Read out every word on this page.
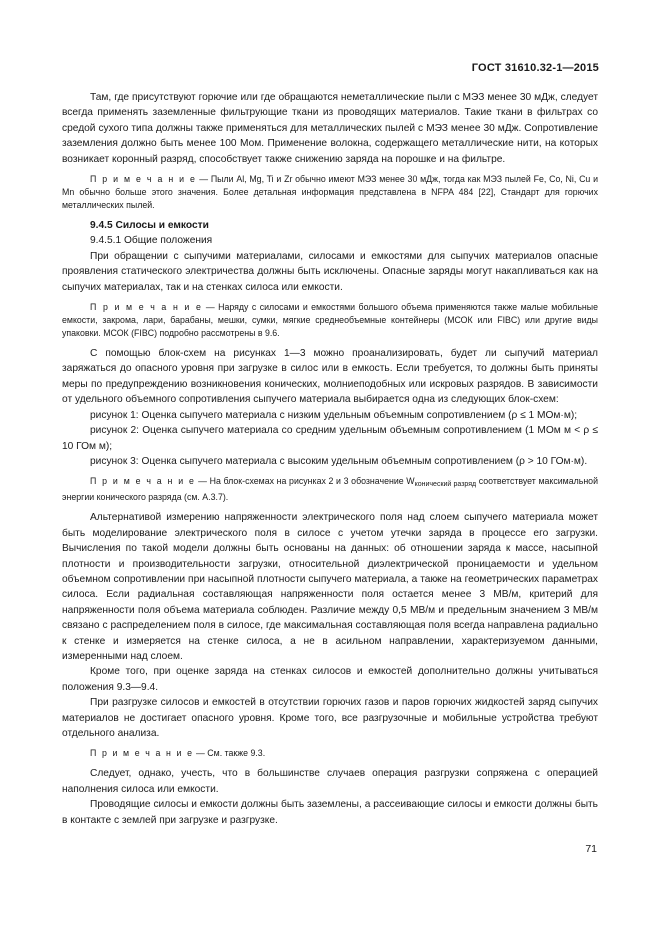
ГОСТ 31610.32-1—2015

Там, где присутствуют горючие или где обращаются неметаллические пыли с МЭЗ менее 30 мДж, следует всегда применять заземленные фильтрующие ткани из проводящих материалов. Такие ткани в фильтрах со средой сухого типа должны также применяться для металлических пылей с МЭЗ менее 30 мДж. Сопротивление заземления должно быть менее 100 Мом. Применение волокна, содержащего металлические нити, на которых возникает коронный разряд, способствует также снижению заряда на порошке и на фильтре.

П р и м е ч а н и е — Пыли Al, Mg, Ti и Zr обычно имеют МЭЗ менее 30 мДж, тогда как МЭЗ пылей Fe, Co, Ni, Cu и Mn обычно больше этого значения. Более детальная информация представлена в NFPA 484 [22], Стандарт для горючих металлических пылей.

9.4.5 Силосы и емкости

9.4.5.1 Общие положения

При обращении с сыпучими материалами, силосами и емкостями для сыпучих материалов опасные проявления статического электричества должны быть исключены. Опасные заряды могут накапливаться как на сыпучих материалах, так и на стенках силоса или емкости.

П р и м е ч а н и е — Наряду с силосами и емкостями большого объема применяются также малые мобильные емкости, закрома, лари, барабаны, мешки, сумки, мягкие среднеобъемные контейнеры (МСОК или FIBC) или другие виды упаковки. МСОК (FIBC) подробно рассмотрены в 9.6.

С помощью блок-схем на рисунках 1—3 можно проанализировать, будет ли сыпучий материал заряжаться до опасного уровня при загрузке в силос или в емкость. Если требуется, то должны быть приняты меры по предупреждению возникновения конических, молниеподобных или искровых разрядов. В зависимости от удельного объемного сопротивления сыпучего материала выбирается одна из следующих блок-схем:

рисунок 1: Оценка сыпучего материала с низким удельным объемным сопротивлением (ρ ≤ 1 МОм·м);

рисунок 2: Оценка сыпучего материала со средним удельным объемным сопротивлением (1 МОм м < ρ ≤ 10 ГОм м);

рисунок 3: Оценка сыпучего материала с высоким удельным объемным сопротивлением (ρ > 10 ГОм·м).

П р и м е ч а н и е — На блок-схемах на рисунках 2 и 3 обозначение $W_{конический разряд}$ соответствует максимальной энергии конического разряда (см. А.3.7).

Альтернативой измерению напряженности электрического поля над слоем сыпучего материала может быть моделирование электрического поля в силосе с учетом утечки заряда в процессе его загрузки. Вычисления по такой модели должны быть основаны на данных: об отношении заряда к массе, насыпной плотности и производительности загрузки, относительной диэлектрической проницаемости и удельном объемном сопротивлении при насыпной плотности сыпучего материала, а также на геометрических параметрах силоса. Если радиальная составляющая напряженности поля остается менее 3 МВ/м, критерий для напряженности поля объема материала соблюден. Различие между 0,5 МВ/м и предельным значением 3 МВ/м связано с распределением поля в силосе, где максимальная составляющая поля всегда направлена радиально к стенке и измеряется на стенке силоса, а не в асильном направлении, характеризуемом данными, измеренными над слоем.

Кроме того, при оценке заряда на стенках силосов и емкостей дополнительно должны учитываться положения 9.3—9.4.

При разгрузке силосов и емкостей в отсутствии горючих газов и паров горючих жидкостей заряд сыпучих материалов не достигает опасного уровня. Кроме того, все разгрузочные и мобильные устройства требуют отдельного анализа.

П р и м е ч а н и е — См. также 9.3.

Следует, однако, учесть, что в большинстве случаев операция разгрузки сопряжена с операцией наполнения силоса или емкости.

Проводящие силосы и емкости должны быть заземлены, а рассеивающие силосы и емкости должны быть в контакте с землей при загрузке и разгрузке.

71
